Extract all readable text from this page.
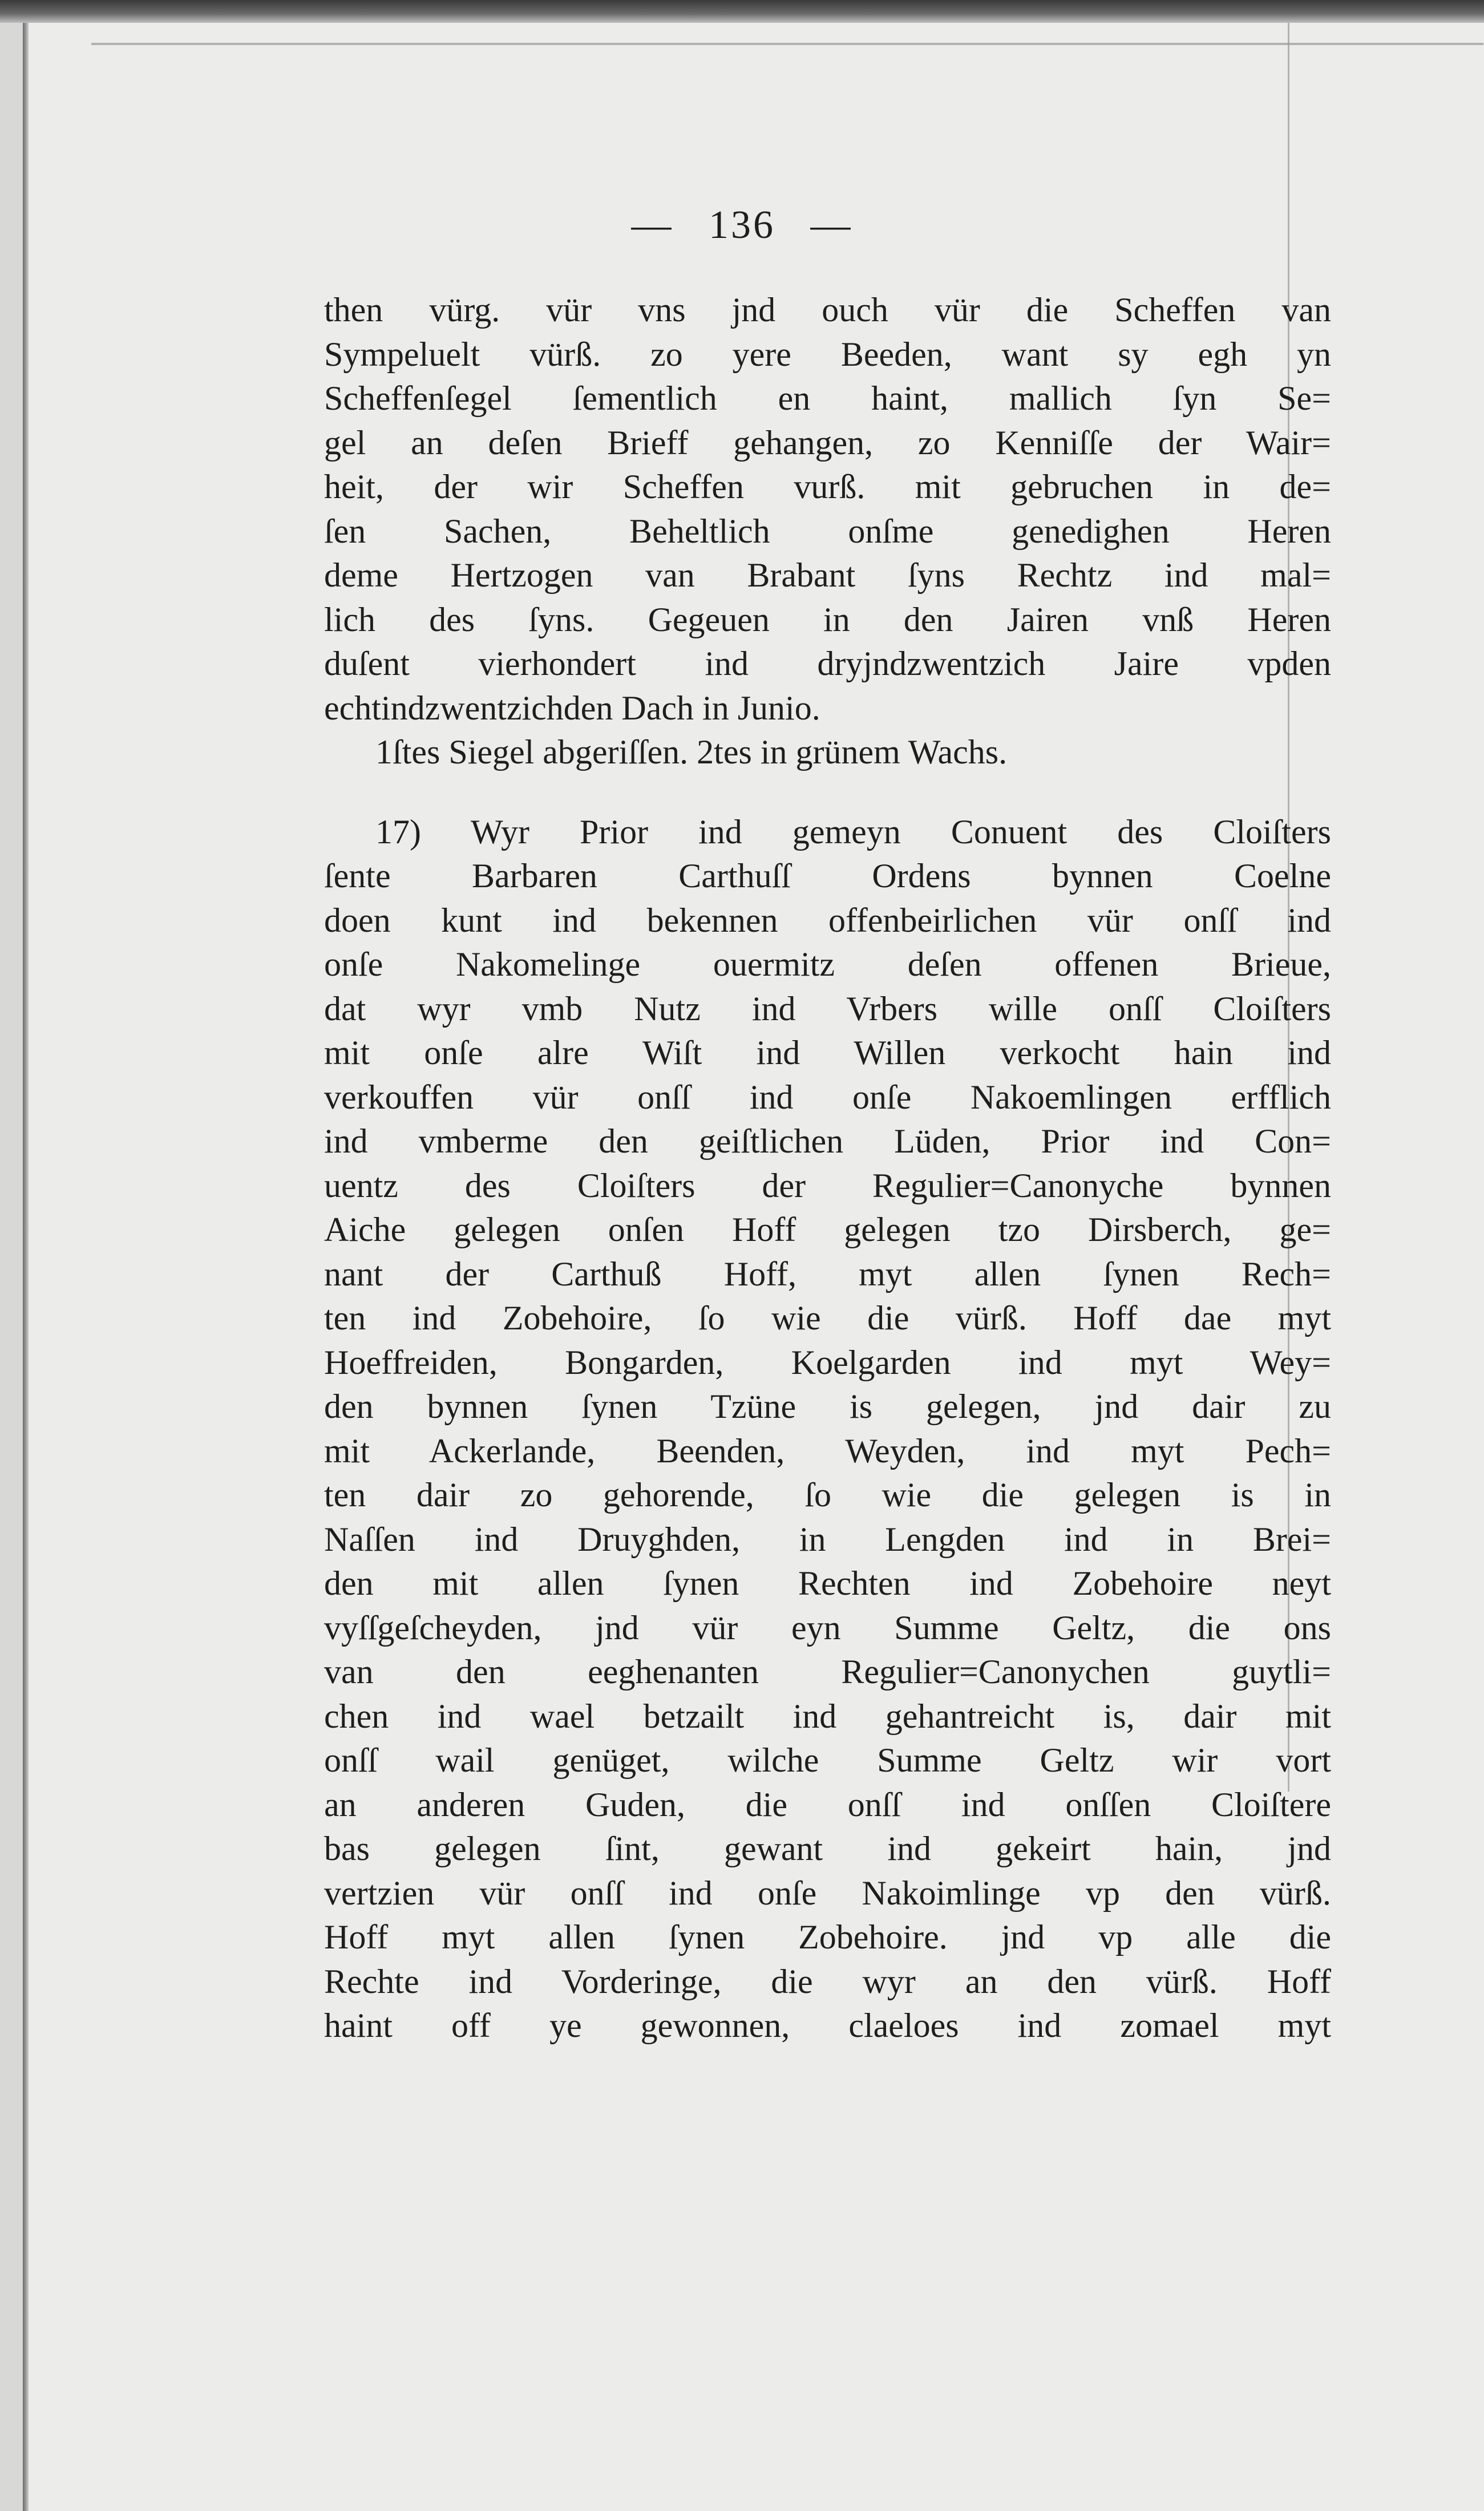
— 136 —
then vürg. vür vns jnd ouch vür die Scheffen van
Sympeluelt vürß. zo yere Beeden, want sy egh yn
Scheffenſegel ſementlich en haint, mallich ſyn Se=
gel an deſen Brieff gehangen, zo Kenniſſe der Wair=
heit, der wir Scheffen vurß. mit gebruchen in de=
ſen Sachen, Beheltlich onſme genedighen Heren
deme Hertzogen van Brabant ſyns Rechtz ind mal=
lich des ſyns. Gegeuen in den Jairen vnß Heren
duſent vierhondert ind dryjndzwentzich Jaire vpden
echtindzwentzichden Dach in Junio.
1ſtes Siegel abgeriſſen. 2tes in grünem Wachs.
17) Wyr Prior ind gemeyn Conuent des Cloiſters
ſente Barbaren Carthuſſ Ordens bynnen Coelne
doen kunt ind bekennen offenbeirlichen vür onſſ ind
onſe Nakomelinge ouermitz deſen offenen Brieue,
dat wyr vmb Nutz ind Vrbers wille onſſ Cloiſters
mit onſe alre Wiſt ind Willen verkocht hain ind
verkouffen vür onſſ ind onſe Nakoemlingen erfflich
ind vmberme den geiſtlichen Lüden, Prior ind Con=
uentz des Cloiſters der Regulier=Canonyche bynnen
Aiche gelegen onſen Hoff gelegen tzo Dirsberch, ge=
nant der Carthuß Hoff, myt allen ſynen Rech=
ten ind Zobehoire, ſo wie die vürß. Hoff dae myt
Hoeffreiden, Bongarden, Koelgarden ind myt Wey=
den bynnen ſynen Tzüne is gelegen, jnd dair zu
mit Ackerlande, Beenden, Weyden, ind myt Pech=
ten dair zo gehorende, ſo wie die gelegen is in
Naſſen ind Druyghden, in Lengden ind in Brei=
den mit allen ſynen Rechten ind Zobehoire neyt
vyſſgeſcheyden, jnd vür eyn Summe Geltz, die ons
van den eeghenanten Regulier=Canonychen guytli=
chen ind wael betzailt ind gehantreicht is, dair mit
onſſ wail genüget, wilche Summe Geltz wir vort
an anderen Guden, die onſſ ind onſſen Cloiſtere
bas gelegen ſint, gewant ind gekeirt hain, jnd
vertzien vür onſſ ind onſe Nakoimlinge vp den vürß.
Hoff myt allen ſynen Zobehoire. jnd vp alle die
Rechte ind Vorderinge, die wyr an den vürß. Hoff
haint off ye gewonnen, claeloes ind zomael myt
